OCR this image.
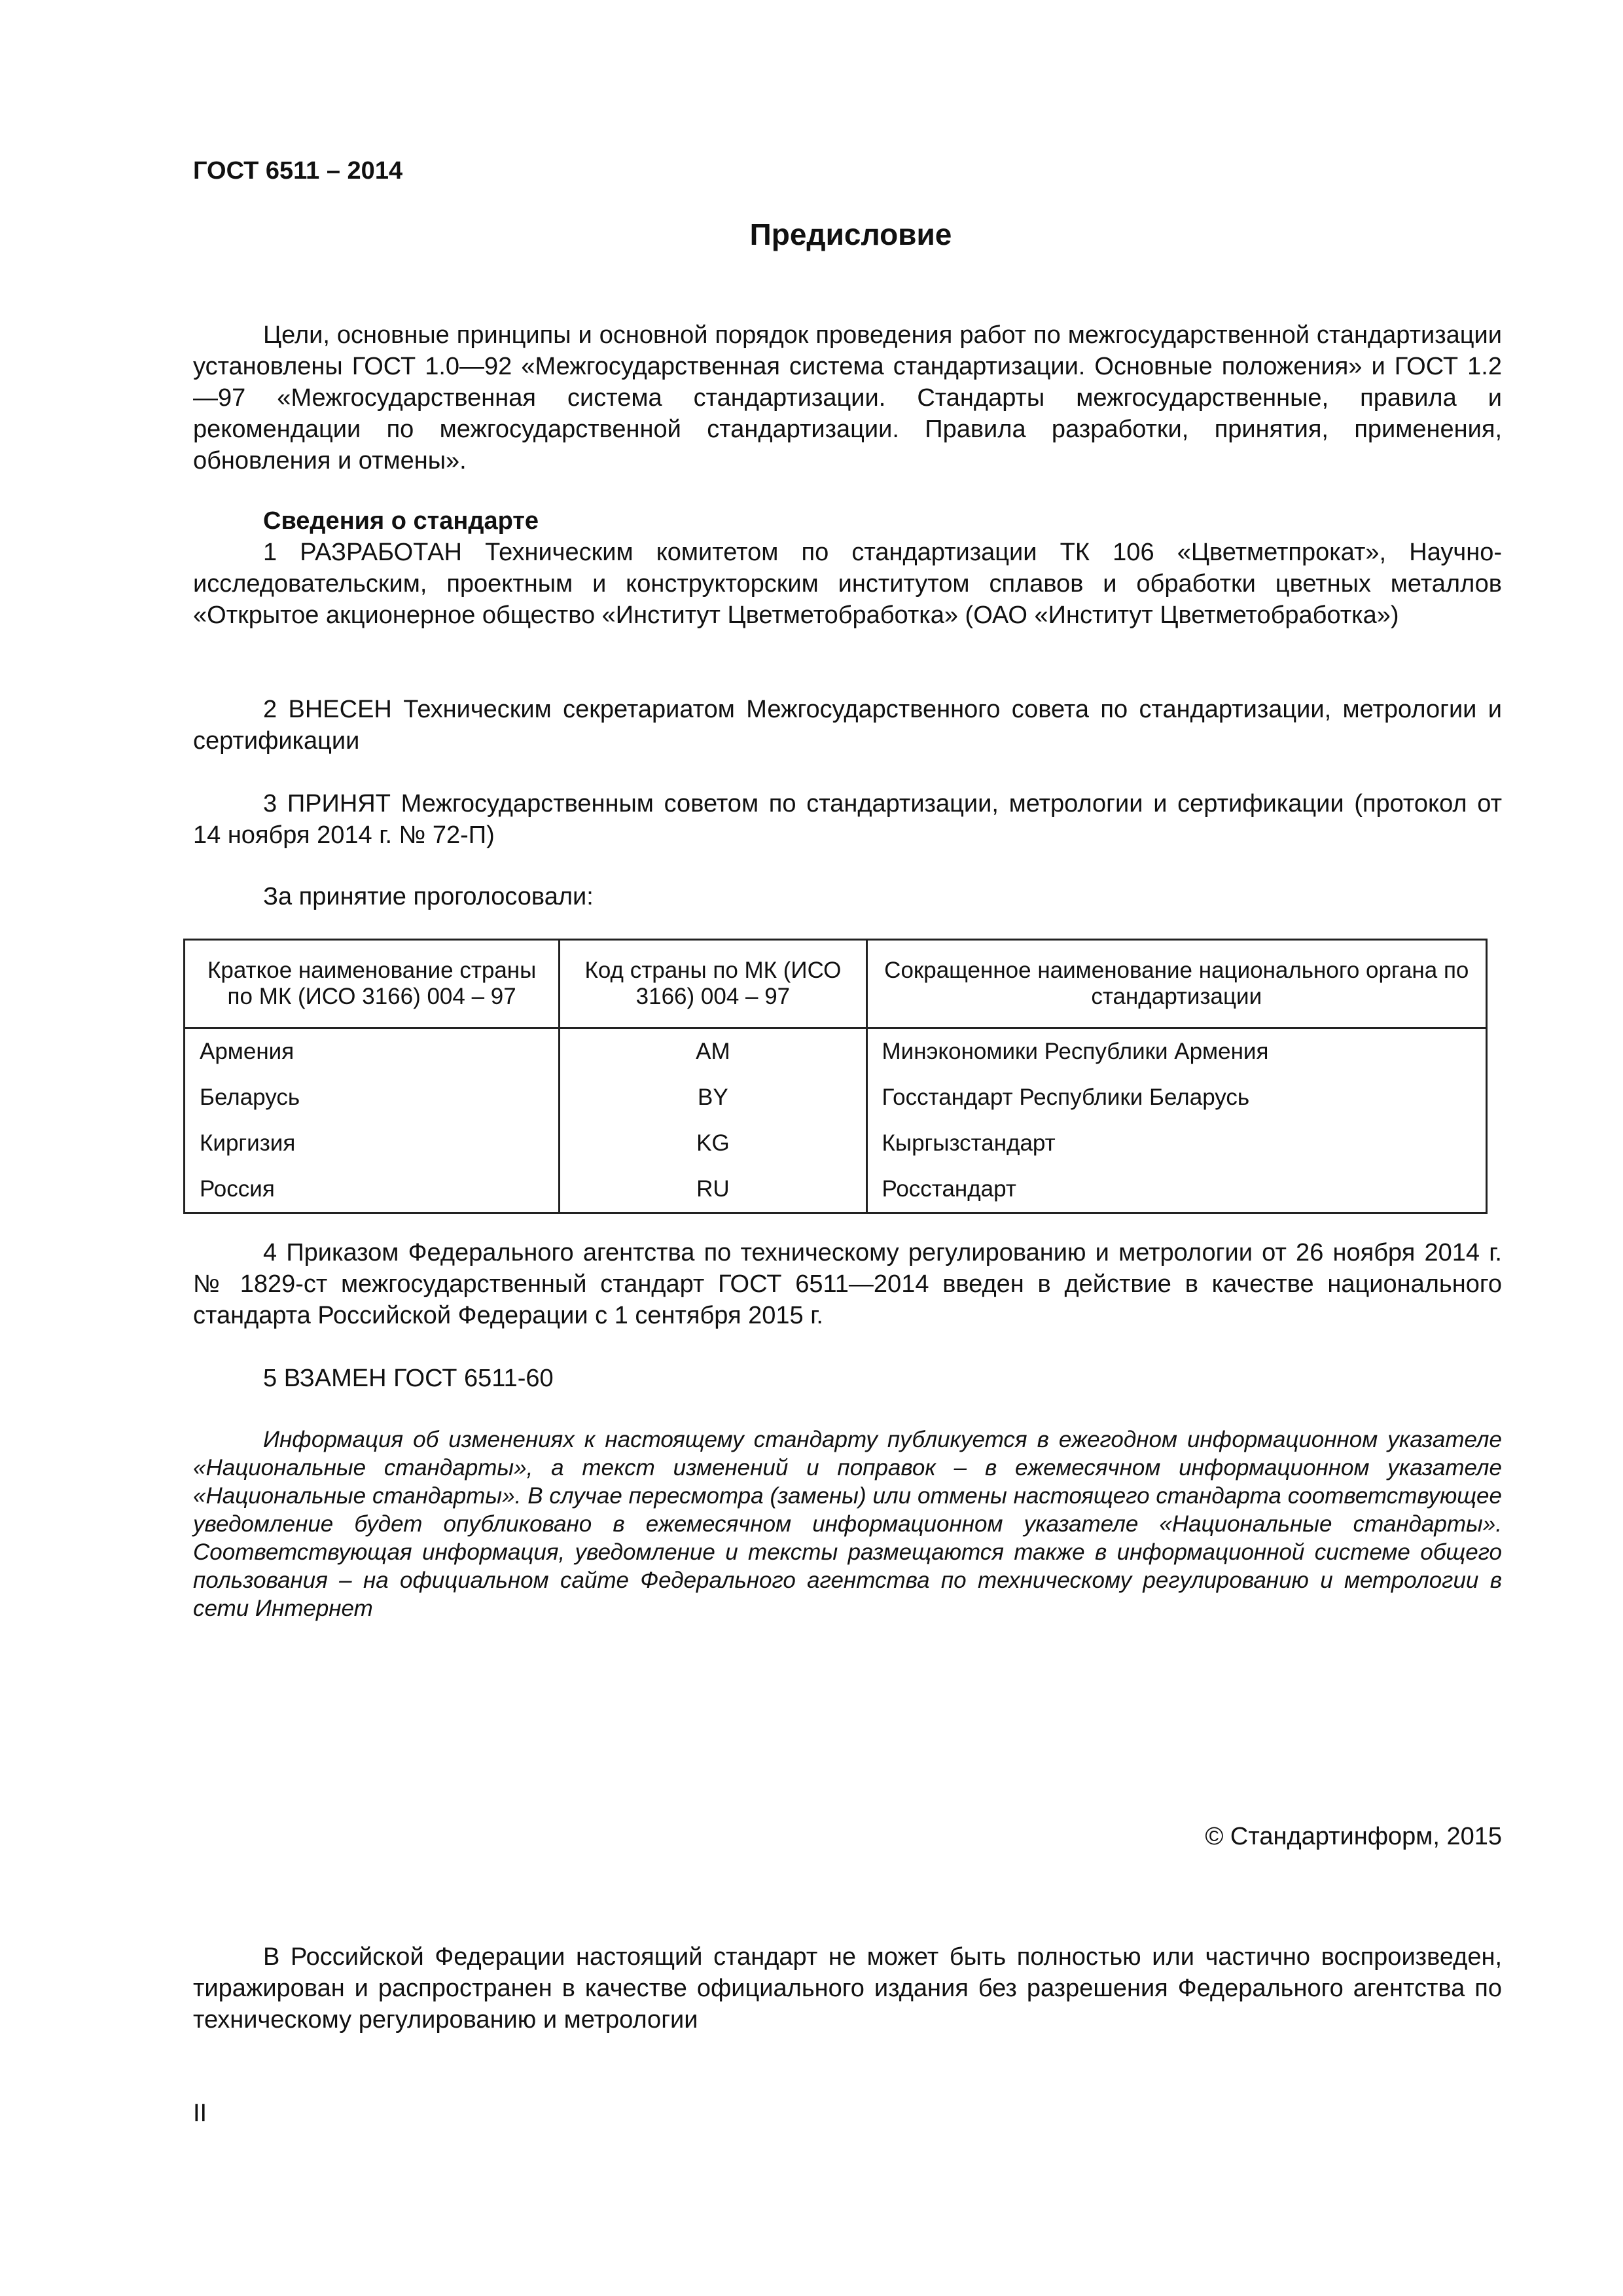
ГОСТ 6511 – 2014
Предисловие

Цели, основные принципы и основной порядок проведения работ по межгосударственной стандартизации установлены ГОСТ 1.0—92 «Межгосударственная система стандартизации. Основные положения» и ГОСТ 1.2—97 «Межгосударственная система стандартизации. Стандарты межгосударственные, правила и рекомендации по межгосударственной стандартизации. Правила разработки, принятия, применения, обновления и отмены».

Сведения о стандарте

1 РАЗРАБОТАН Техническим комитетом по стандартизации ТК 106 «Цветметпрокат», Научно-исследовательским, проектным и конструкторским институтом сплавов и обработки цветных металлов «Открытое акционерное общество «Институт Цветметобработка» (ОАО «Институт Цветметобработка»)

2 ВНЕСЕН Техническим секретариатом Межгосударственного совета по стандартизации, метрологии и сертификации

3 ПРИНЯТ Межгосударственным советом по стандартизации, метрологии и сертификации (протокол от 14 ноября 2014 г. № 72-П)

За принятие проголосовали:
Краткое наименование страны по МК (ИСО 3166) 004 – 97	Код страны по МК (ИСО 3166) 004 – 97	Сокращенное наименование национального органа по стандартизации
Армения	AM	Минэкономики Республики Армения
Беларусь	BY	Госстандарт Республики Беларусь
Киргизия	KG	Кыргызстандарт
Россия	RU	Росстандарт

4 Приказом Федерального агентства по техническому регулированию и метрологии от 26 ноября 2014 г. № 1829-ст межгосударственный стандарт ГОСТ 6511—2014 введен в действие в качестве национального стандарта Российской Федерации с 1 сентября 2015 г.

5 ВЗАМЕН ГОСТ 6511-60

Информация об изменениях к настоящему стандарту публикуется в ежегодном информационном указателе «Национальные стандарты», а текст изменений и поправок – в ежемесячном информационном указателе «Национальные стандарты». В случае пересмотра (замены) или отмены настоящего стандарта соответствующее уведомление будет опубликовано в ежемесячном информационном указателе «Национальные стандарты». Соответствующая информация, уведомление и тексты размещаются также в информационной системе общего пользования – на официальном сайте Федерального агентства по техническому регулированию и метрологии в сети Интернет

© Стандартинформ, 2015

В Российской Федерации настоящий стандарт не может быть полностью или частично воспроизведен, тиражирован и распространен в качестве официального издания без разрешения Федерального агентства по техническому регулированию и метрологии

II
